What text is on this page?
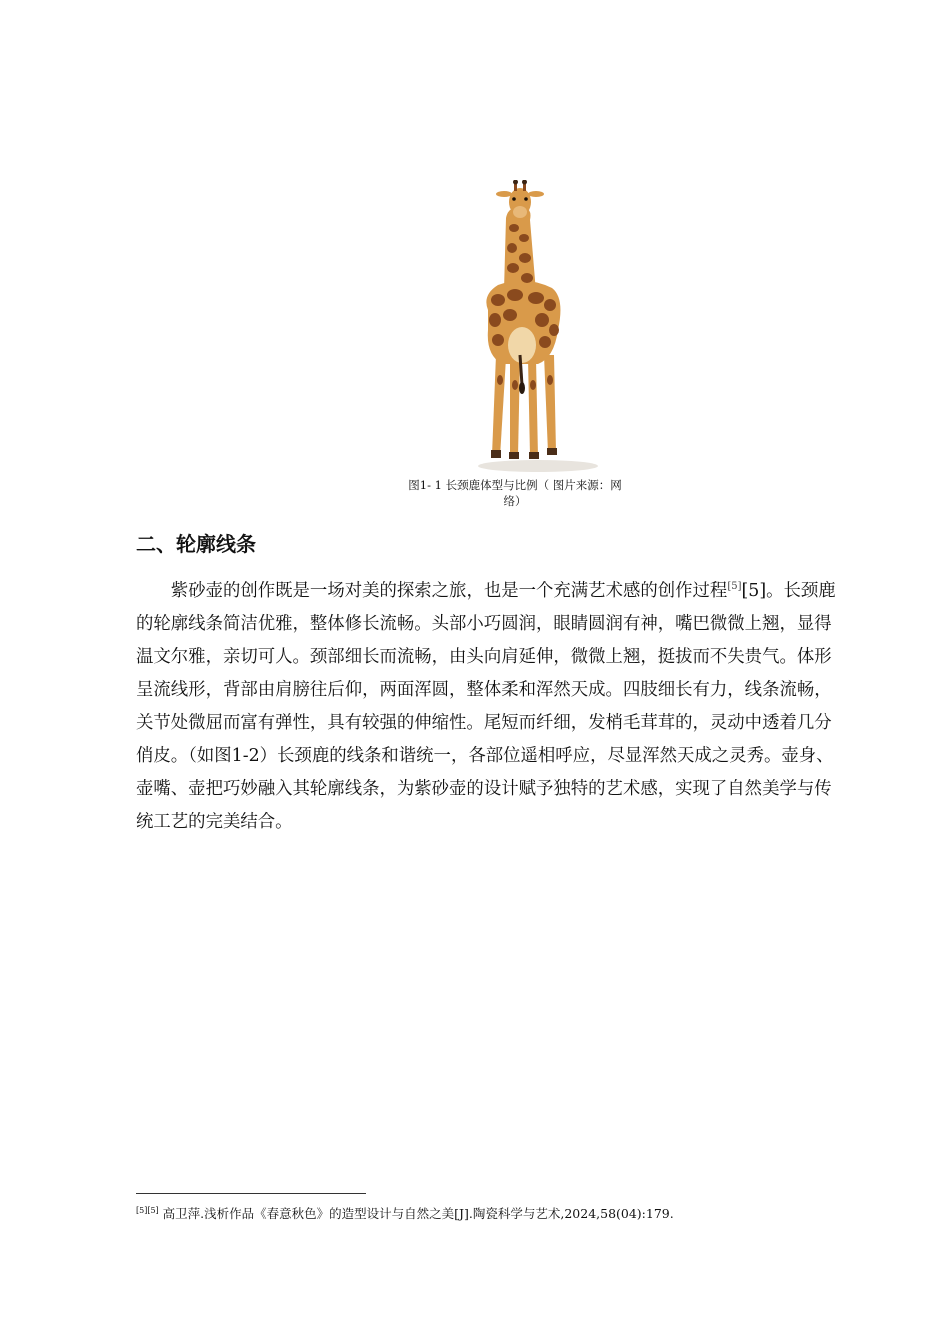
图1- 1 长颈鹿体型与比例（ 图片来源：网络）
二、轮廓线条

紫砂壶的创作既是一场对美的探索之旅，也是一个充满艺术感的创作过程[5][5]。长颈鹿的轮廓线条简洁优雅，整体修长流畅。头部小巧圆润，眼睛圆润有神，嘴巴微微上翘，显得温文尔雅，亲切可人。颈部细长而流畅，由头向肩延伸，微微上翘，挺拔而不失贵气。体形呈流线形，背部由肩膀往后仰，两面浑圆，整体柔和浑然天成。四肢细长有力，线条流畅，关节处微屈而富有弹性，具有较强的伸缩性。尾短而纤细，发梢毛茸茸的，灵动中透着几分俏皮。（如图1-2）长颈鹿的线条和谐统一，各部位遥相呼应，尽显浑然天成之灵秀。壶身、壶嘴、壶把巧妙融入其轮廓线条，为紫砂壶的设计赋予独特的艺术感，实现了自然美学与传统工艺的完美结合。

[5][5] 高卫萍.浅析作品《春意秋色》的造型设计与自然之美[J].陶瓷科学与艺术,2024,58(04):179.
